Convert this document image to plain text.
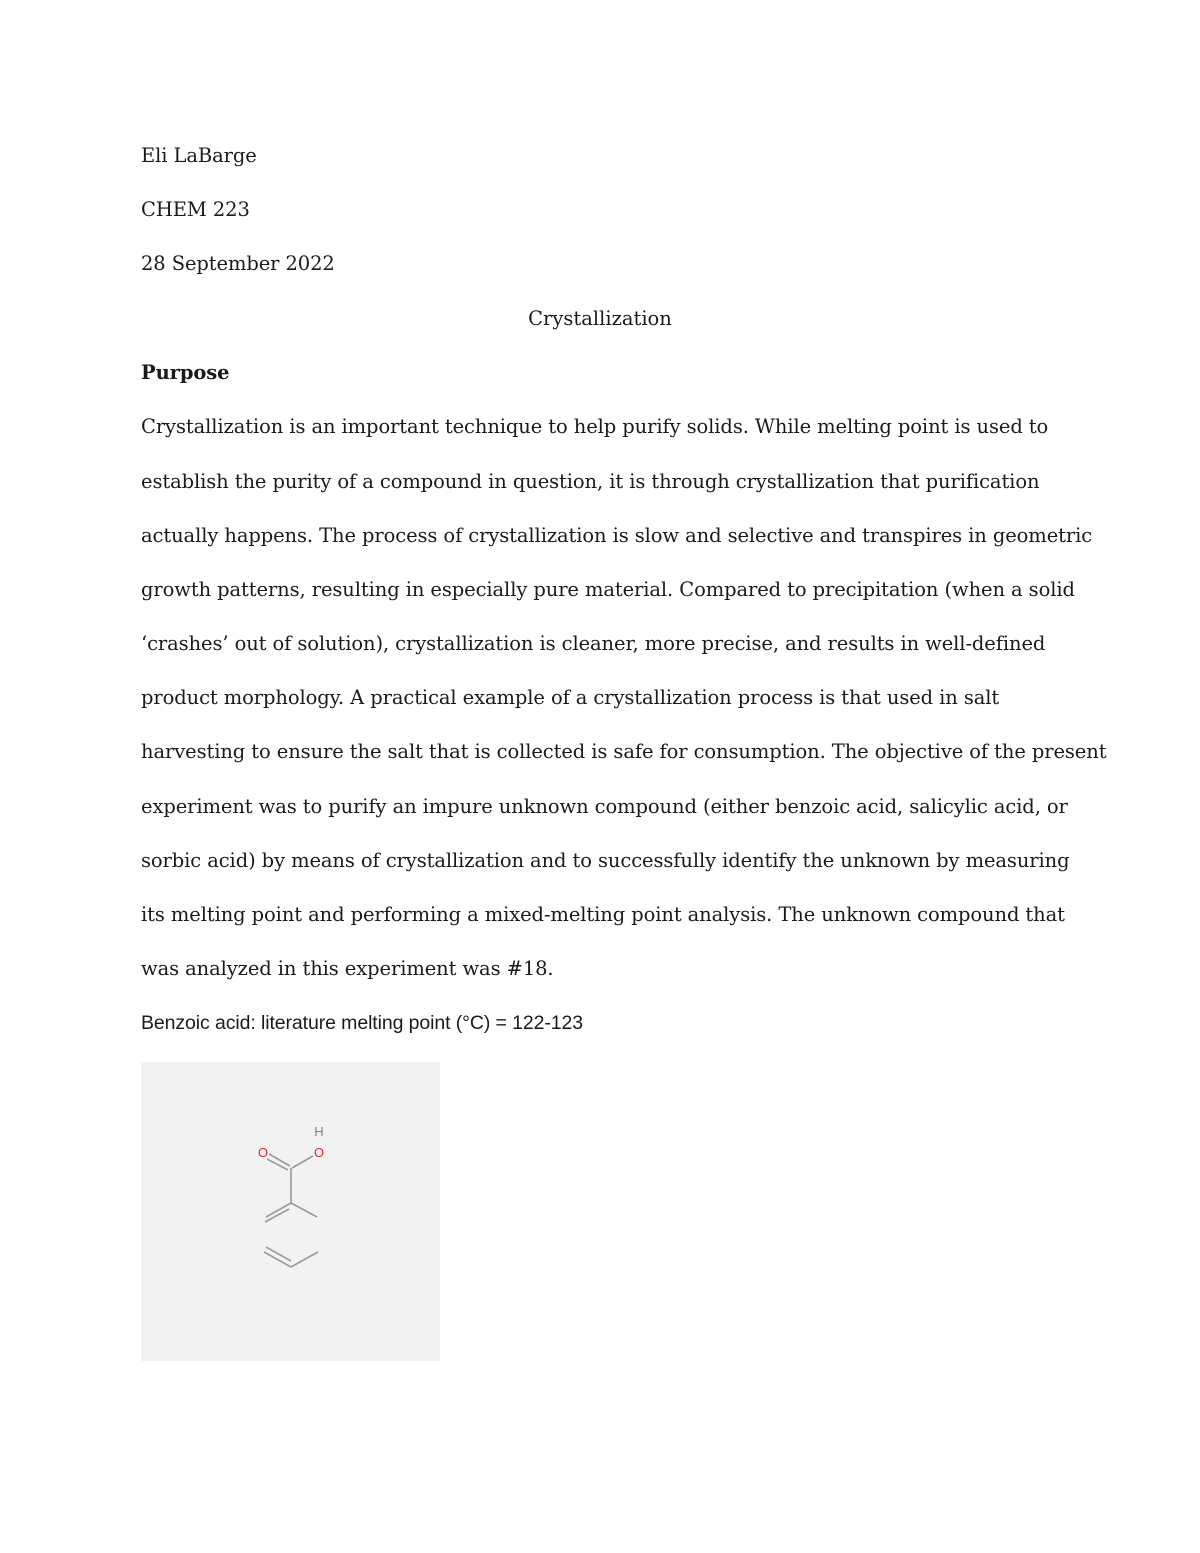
Eli LaBarge
CHEM 223
28 September 2022
Crystallization
Purpose
Crystallization is an important technique to help purify solids. While melting point is used to
establish the purity of a compound in question, it is through crystallization that purification
actually happens. The process of crystallization is slow and selective and transpires in geometric
growth patterns, resulting in especially pure material. Compared to precipitation (when a solid
‘crashes’ out of solution), crystallization is cleaner, more precise, and results in well-defined
product morphology. A practical example of a crystallization process is that used in salt
harvesting to ensure the salt that is collected is safe for consumption. The objective of the present
experiment was to purify an impure unknown compound (either benzoic acid, salicylic acid, or
sorbic acid) by means of crystallization and to successfully identify the unknown by measuring
its melting point and performing a mixed-melting point analysis. The unknown compound that
was analyzed in this experiment was #18.
Benzoic acid: literature melting point (°C) = 122-123
O	O
H
